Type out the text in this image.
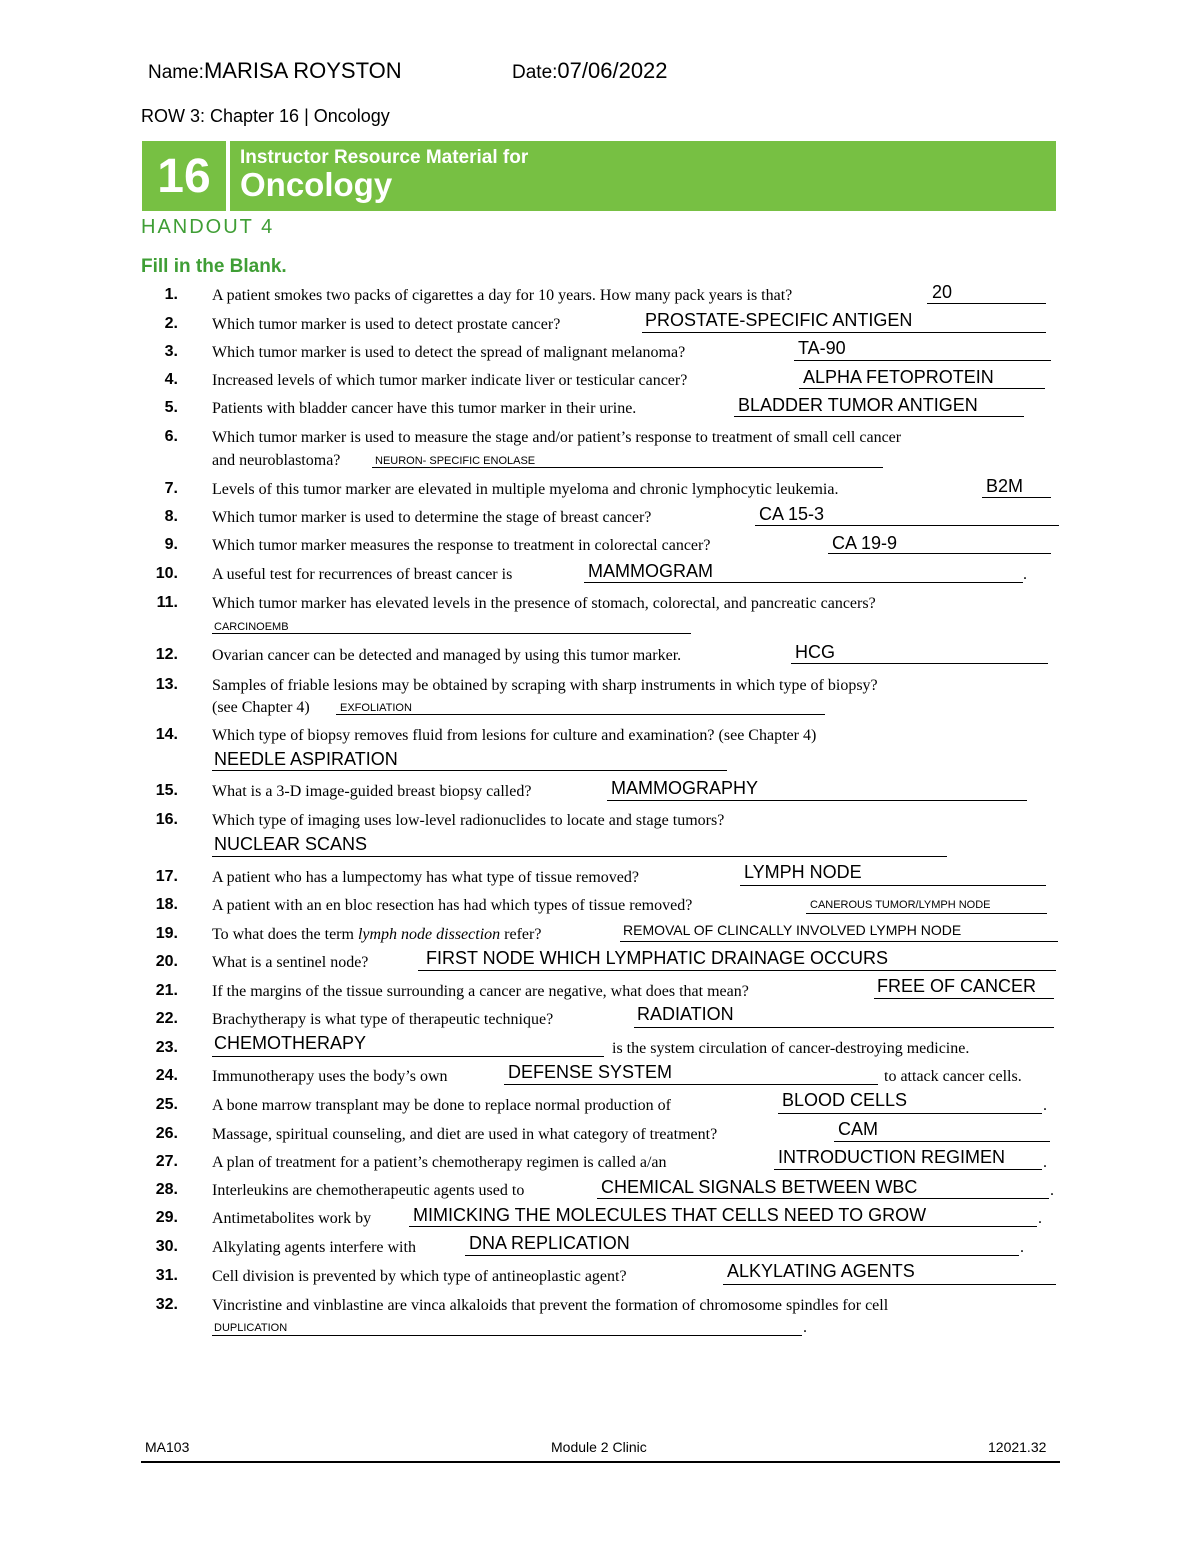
Name:MARISA ROYSTON	Date:07/06/2022
ROW 3: Chapter 16 | Oncology
16	Instructor Resource Material for
Oncology
HANDOUT 4
Fill in the Blank.
1. A patient smokes two packs of cigarettes a day for 10 years. How many pack years is that?	20
2. Which tumor marker is used to detect prostate cancer?	PROSTATE-SPECIFIC ANTIGEN
3. Which tumor marker is used to detect the spread of malignant melanoma?	TA-90
4. Increased levels of which tumor marker indicate liver or testicular cancer?	ALPHA FETOPROTEIN
5. Patients with bladder cancer have this tumor marker in their urine.	BLADDER TUMOR ANTIGEN
6. Which tumor marker is used to measure the stage and/or patient’s response to treatment of small cell cancer
and neuroblastoma?	NEURON- SPECIFIC ENOLASE
7. Levels of this tumor marker are elevated in multiple myeloma and chronic lymphocytic leukemia.	B2M
8. Which tumor marker is used to determine the stage of breast cancer?	CA 15-3
9. Which tumor marker measures the response to treatment in colorectal cancer?	CA 19-9
10. A useful test for recurrences of breast cancer is	MAMMOGRAM	.
11. Which tumor marker has elevated levels in the presence of stomach, colorectal, and pancreatic cancers?
CARCINOEMB
12. Ovarian cancer can be detected and managed by using this tumor marker.	HCG
13. Samples of friable lesions may be obtained by scraping with sharp instruments in which type of biopsy?
(see Chapter 4)	EXFOLIATION
14. Which type of biopsy removes fluid from lesions for culture and examination? (see Chapter 4)
NEEDLE ASPIRATION
15. What is a 3-D image-guided breast biopsy called?	MAMMOGRAPHY
16. Which type of imaging uses low-level radionuclides to locate and stage tumors?
NUCLEAR SCANS
17. A patient who has a lumpectomy has what type of tissue removed?	LYMPH NODE
18. A patient with an en bloc resection has had which types of tissue removed?	CANEROUS TUMOR/LYMPH NODE
19. To what does the term lymph node dissection refer?	REMOVAL OF CLINCALLY INVOLVED LYMPH NODE
20. What is a sentinel node?	FIRST NODE WHICH LYMPHATIC DRAINAGE OCCURS
21. If the margins of the tissue surrounding a cancer are negative, what does that mean?	FREE OF CANCER
22. Brachytherapy is what type of therapeutic technique?	RADIATION
23. CHEMOTHERAPY	is the system circulation of cancer-destroying medicine.
24. Immunotherapy uses the body’s own	DEFENSE SYSTEM	to attack cancer cells.
25. A bone marrow transplant may be done to replace normal production of	BLOOD CELLS	.
26. Massage, spiritual counseling, and diet are used in what category of treatment?	CAM
27. A plan of treatment for a patient’s chemotherapy regimen is called a/an	INTRODUCTION REGIMEN .
28. Interleukins are chemotherapeutic agents used to	CHEMICAL SIGNALS BETWEEN WBC	.
29. Antimetabolites work by MIMICKING THE MOLECULES THAT CELLS NEED TO GROW	.
30. Alkylating agents interfere with	DNA REPLICATION	.
31. Cell division is prevented by which type of antineoplastic agent?	ALKYLATING AGENTS
32. Vincristine and vinblastine are vinca alkaloids that prevent the formation of chromosome spindles for cell
DUPLICATION	.
MA103	Module 2 Clinic	12021.32
